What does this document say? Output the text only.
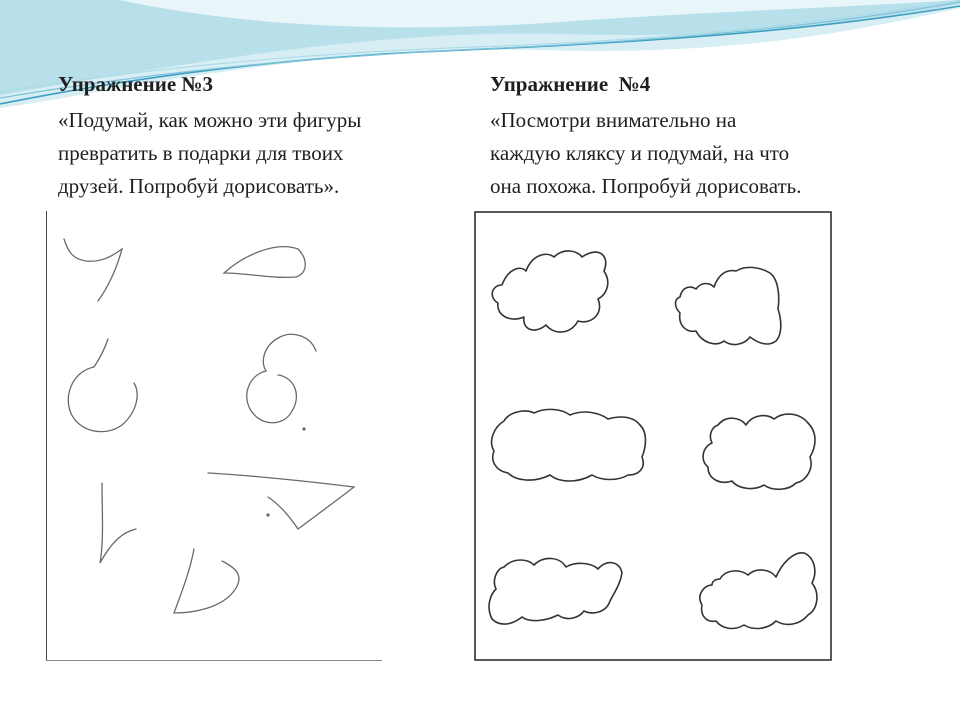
Упражнение №3
«Подумай, как можно эти фигуры
превратить в подарки для твоих
друзей. Попробуй дорисовать».
Упражнение  №4
«Посмотри внимательно на
каждую кляксу и подумай, на что
она похожа. Попробуй дорисовать.
